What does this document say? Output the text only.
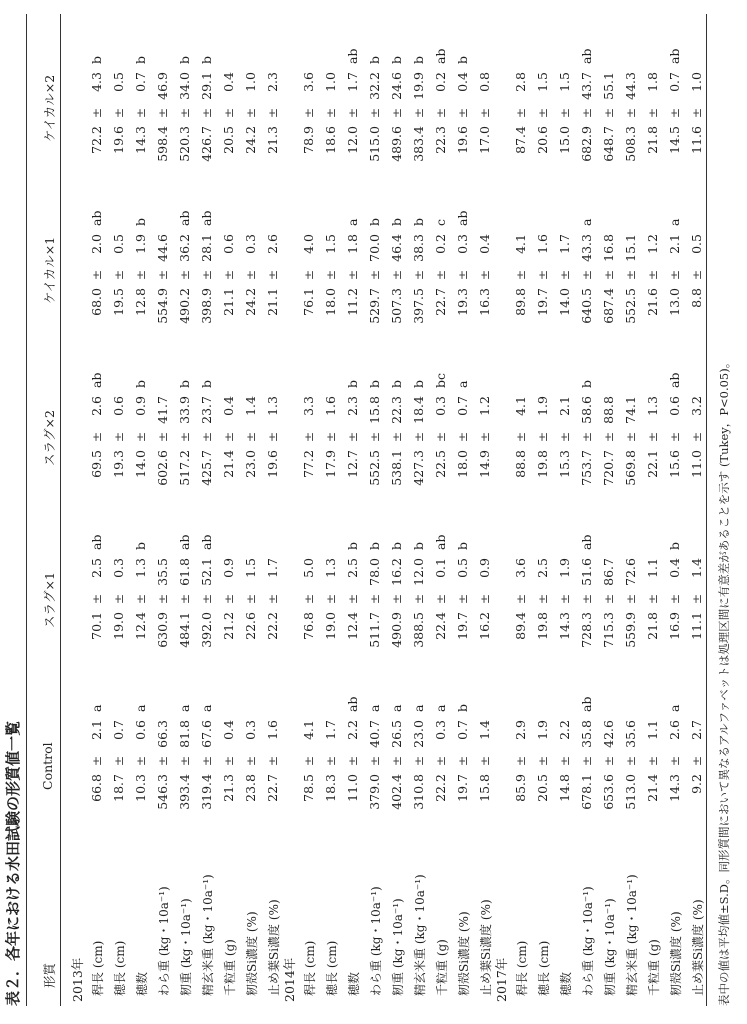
表２．各年における水田試験の形質値一覧 形質
Control
スラグ×1
スラグ×2
ケイカル×1
ケイカル×2
2013年 稈長 (cm)
66.8
±
2.1
a
70.1
±
2.5
ab
69.5
±
2.6
ab
68.0
±
2.0
ab
72.2
±
4.3
b
穂長 (cm)
18.7
±
0.7
19.0
±
0.3
19.3
±
0.6
19.5
±
0.5
19.6
±
0.5
穂数
10.3
±
0.6
a
12.4
±
1.3
b
14.0
±
0.9
b
12.8
±
1.9
b
14.3
±
0.7
b
わら重 (kg・10a⁻¹)
546.3
±
66.3
630.9
±
35.5
602.6
±
41.7
554.9
±
44.6
598.4
±
46.9
籾重 (kg・10a⁻¹)
393.4
±
81.8
a
484.1
±
61.8
ab
517.2
±
33.9
b
490.2
±
36.2
ab
520.3
±
34.0
b
精玄米重 (kg・10a⁻¹)
319.4
±
67.6
a
392.0
±
52.1
ab
425.7
±
23.7
b
398.9
±
28.1
ab
426.7
±
29.1
b
千粒重 (g)
21.3
±
0.4
21.2
±
0.9
21.4
±
0.4
21.1
±
0.6
20.5
±
0.4
籾殻Si濃度 (%)
23.8
±
0.3
22.6
±
1.5
23.0
±
1.4
24.2
±
0.3
24.2
±
1.0
止め葉Si濃度 (%)
22.7
±
1.6
22.2
±
1.7
19.6
±
1.3
21.1
±
2.6
21.3
±
2.3
2014年 稈長 (cm)
78.5
±
4.1
76.8
±
5.0
77.2
±
3.3
76.1
±
4.0
78.9
±
3.6
穂長 (cm)
18.3
±
1.7
19.0
±
1.3
17.9
±
1.6
18.0
±
1.5
18.6
±
1.0
穂数
11.0
±
2.2
ab
12.4
±
2.5
b
12.7
±
2.3
b
11.2
±
1.8
a
12.0
±
1.7
ab
わら重 (kg・10a⁻¹)
379.0
±
40.7
a
511.7
±
78.0
b
552.5
±
15.8
b
529.7
±
70.0
b
515.0
±
32.2
b
籾重 (kg・10a⁻¹)
402.4
±
26.5
a
490.9
±
16.2
b
538.1
±
22.3
b
507.3
±
46.4
b
489.6
±
24.6
b
精玄米重 (kg・10a⁻¹)
310.8
±
23.0
a
388.5
±
12.0
b
427.3
±
18.4
b
397.5
±
38.3
b
383.4
±
19.9
b
千粒重 (g)
22.2
±
0.3
a
22.4
±
0.1
ab
22.5
±
0.3
bc
22.7
±
0.2
c
22.3
±
0.2
ab
籾殻Si濃度 (%)
19.7
±
0.7
b
19.7
±
0.5
b
18.0
±
0.7
a
19.3
±
0.3
ab
19.6
±
0.4
b
止め葉Si濃度 (%)
15.8
±
1.4
16.2
±
0.9
14.9
±
1.2
16.3
±
0.4
17.0
±
0.8
2017年 稈長 (cm)
85.9
±
2.9
89.4
±
3.6
88.8
±
4.1
89.8
±
4.1
87.4
±
2.8
穂長 (cm)
20.5
±
1.9
19.8
±
2.5
19.8
±
1.9
19.7
±
1.6
20.6
±
1.5
穂数
14.8
±
2.2
14.3
±
1.9
15.3
±
2.1
14.0
±
1.7
15.0
±
1.5
わら重 (kg・10a⁻¹)
678.1
±
35.8
ab
728.3
±
51.6
ab
753.7
±
58.6
b
640.5
±
43.3
a
682.9
±
43.7
ab
籾重 (kg・10a⁻¹)
653.6
±
42.6
715.3
±
86.7
720.7
±
88.8
687.4
±
16.8
648.7
±
55.1
精玄米重 (kg・10a⁻¹)
513.0
±
35.6
559.9
±
72.6
569.8
±
74.1
552.5
±
15.1
508.3
±
44.3
千粒重 (g)
21.4
±
1.1
21.8
±
1.1
22.1
±
1.3
21.6
±
1.2
21.8
±
1.8
籾殻Si濃度 (%)
14.3
±
2.6
a
16.9
±
0.4
b
15.6
±
0.6
ab
13.0
±
2.1
a
14.5
±
0.7
ab
止め葉Si濃度 (%)
9.2
±
2.7
11.1
±
1.4
11.0
±
3.2
8.8
±
0.5
11.6
±
1.0
表中の値は平均値±S.D。同形質間において異なるアルファベットは処理区間に有意差があることを示す (Tukey，P<0.05)。
